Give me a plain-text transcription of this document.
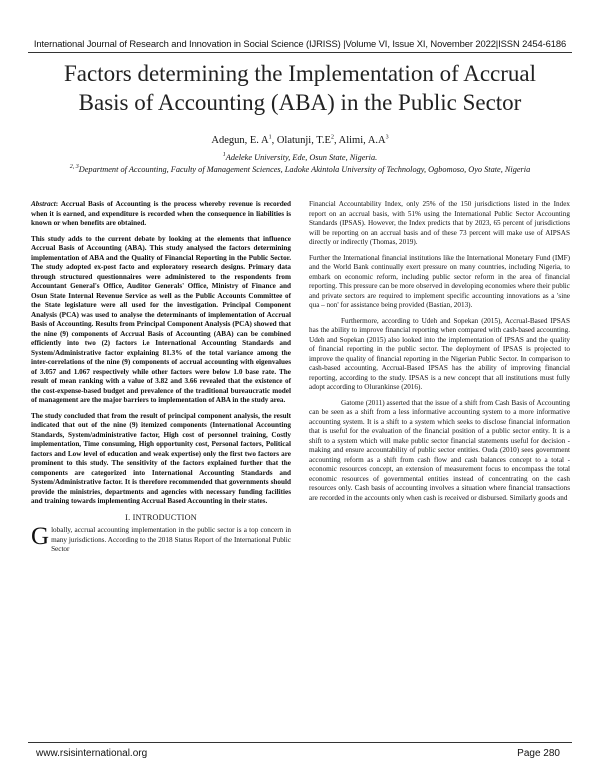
International Journal of Research and Innovation in Social Science (IJRISS) |Volume VI, Issue XI, November 2022|ISSN 2454-6186
Factors determining the Implementation of Accrual
Basis of Accounting (ABA) in the Public Sector
Adegun, E. $A^1$, Olatunji, $T.E^2$, Alimi, $A.A^3$
$^1$Adeleke University, Ede, Osun State, Nigeria.
$^{2, 3}$Department of Accounting, Faculty of Management Sciences, Ladoke Akintola University of Technology, Ogbomoso, Oyo State, Nigeria

Abstract: Accrual Basis of Accounting is the process whereby revenue is recorded when it is earned, and expenditure is recorded when the consequence in liabilities is known or when benefits are obtained.

This study adds to the current debate by looking at the elements that influence Accrual Basis of Accounting (ABA). This study analysed the factors determining implementation of ABA and the Quality of Financial Reporting in the Public Sector. The study adopted ex-post facto and exploratory research designs. Primary data through structured questionnaires were administered to the respondents from Accountant General's Office, Auditor Generals' Office, Ministry of Finance and Osun State Internal Revenue Service as well as the Public Accounts Committee of the State legislature were all used for the investigation. Principal Component Analysis (PCA) was used to analyse the determinants of implementation of Accrual Basis of Accounting. Results from Principal Component Analysis (PCA) showed that the nine (9) components of Accrual Basis of Accounting (ABA) can be combined efficiently into two (2) factors i.e International Accounting Standards and System/Administrative factor explaining 81.3% of the total variance among the inter-correlations of the nine (9) components of accrual accounting with eigenvalues of 3.057 and 1.067 respectively while other factors were below 1.0 base rate. The result of mean ranking with a value of 3.82 and 3.66 revealed that the existence of the cost-expense-based budget and prevalence of the traditional bureaucratic model of management are the major barriers to implementation of ABA in the study area.

The study concluded that from the result of principal component analysis, the result indicated that out of the nine (9) itemized components (International Accounting Standards, System/administrative factor, High cost of personnel training, Costly implementation, Time consuming, High opportunity cost, Personal factors, Political factors and Low level of education and weak expertise) only the first two factors are prominent to this study. The sensitivity of the factors explained further that the components are categorized into International Accounting Standards and System/Administrative factor. It is therefore recommended that governments should provide the ministries, departments and agencies with necessary funding facilities and training towards implementing Accrual Based Accounting in their states.

I. INTRODUCTION

Globally, accrual accounting implementation in the public sector is a top concern in many jurisdictions. According to the 2018 Status Report of the International Public Sector

Financial Accountability Index, only 25% of the 150 jurisdictions listed in the Index report on an accrual basis, with 51% using the International Public Sector Accounting Standards (IPSAS). However, the Index predicts that by 2023, 65 percent of jurisdictions will be reporting on an accrual basis and of these 73 percent will make use of AIPSAS directly or indirectly (Thomas, 2019).

Further the International financial institutions like the International Monetary Fund (IMF) and the World Bank continually exert pressure on many countries, including Nigeria, to embark on economic reform, including public sector reform in the area of financial reporting. This pressure can be more observed in developing economies where their public and private sectors are required to implement specific accounting innovations as a 'sine qua – non' for assistance being provided (Bastian, 2013).

Furthermore, according to Udeh and Sopekan (2015), Accrual-Based IPSAS has the ability to improve financial reporting when compared with cash-based accounting. Udeh and Sopekan (2015) also looked into the implementation of IPSAS and the quality of financial reporting in the public sector. The deployment of IPSAS is projected to improve the quality of financial reporting in the Nigerian Public Sector. In comparison to cash-based accounting, Accrual-Based IPSAS has the ability of improving financial reporting, according to the study. IPSAS is a new concept that all institutions must fully adopt according to Olurankinse (2016).

Gatome (2011) asserted that the issue of a shift from Cash Basis of Accounting can be seen as a shift from a less informative accounting system to a more informative accounting system. It is a shift to a system which seeks to disclose financial information that is useful for the evaluation of the financial position of a public sector entity. It is a shift to a system which will make public sector financial statements useful for decision - making and ensure accountability of public sector entities. Ouda (2010) sees government accounting reform as a shift from cash flow and cash balances concept to a total - economic resources concept, an extension of measurement focus to encompass the total economic resources of governmental entities instead of concentrating on the cash resources only. Cash basis of accounting involves a situation where financial transactions are recorded in the accounts only when cash is received or disbursed. Similarly goods and

www.rsisinternational.org	Page 280
